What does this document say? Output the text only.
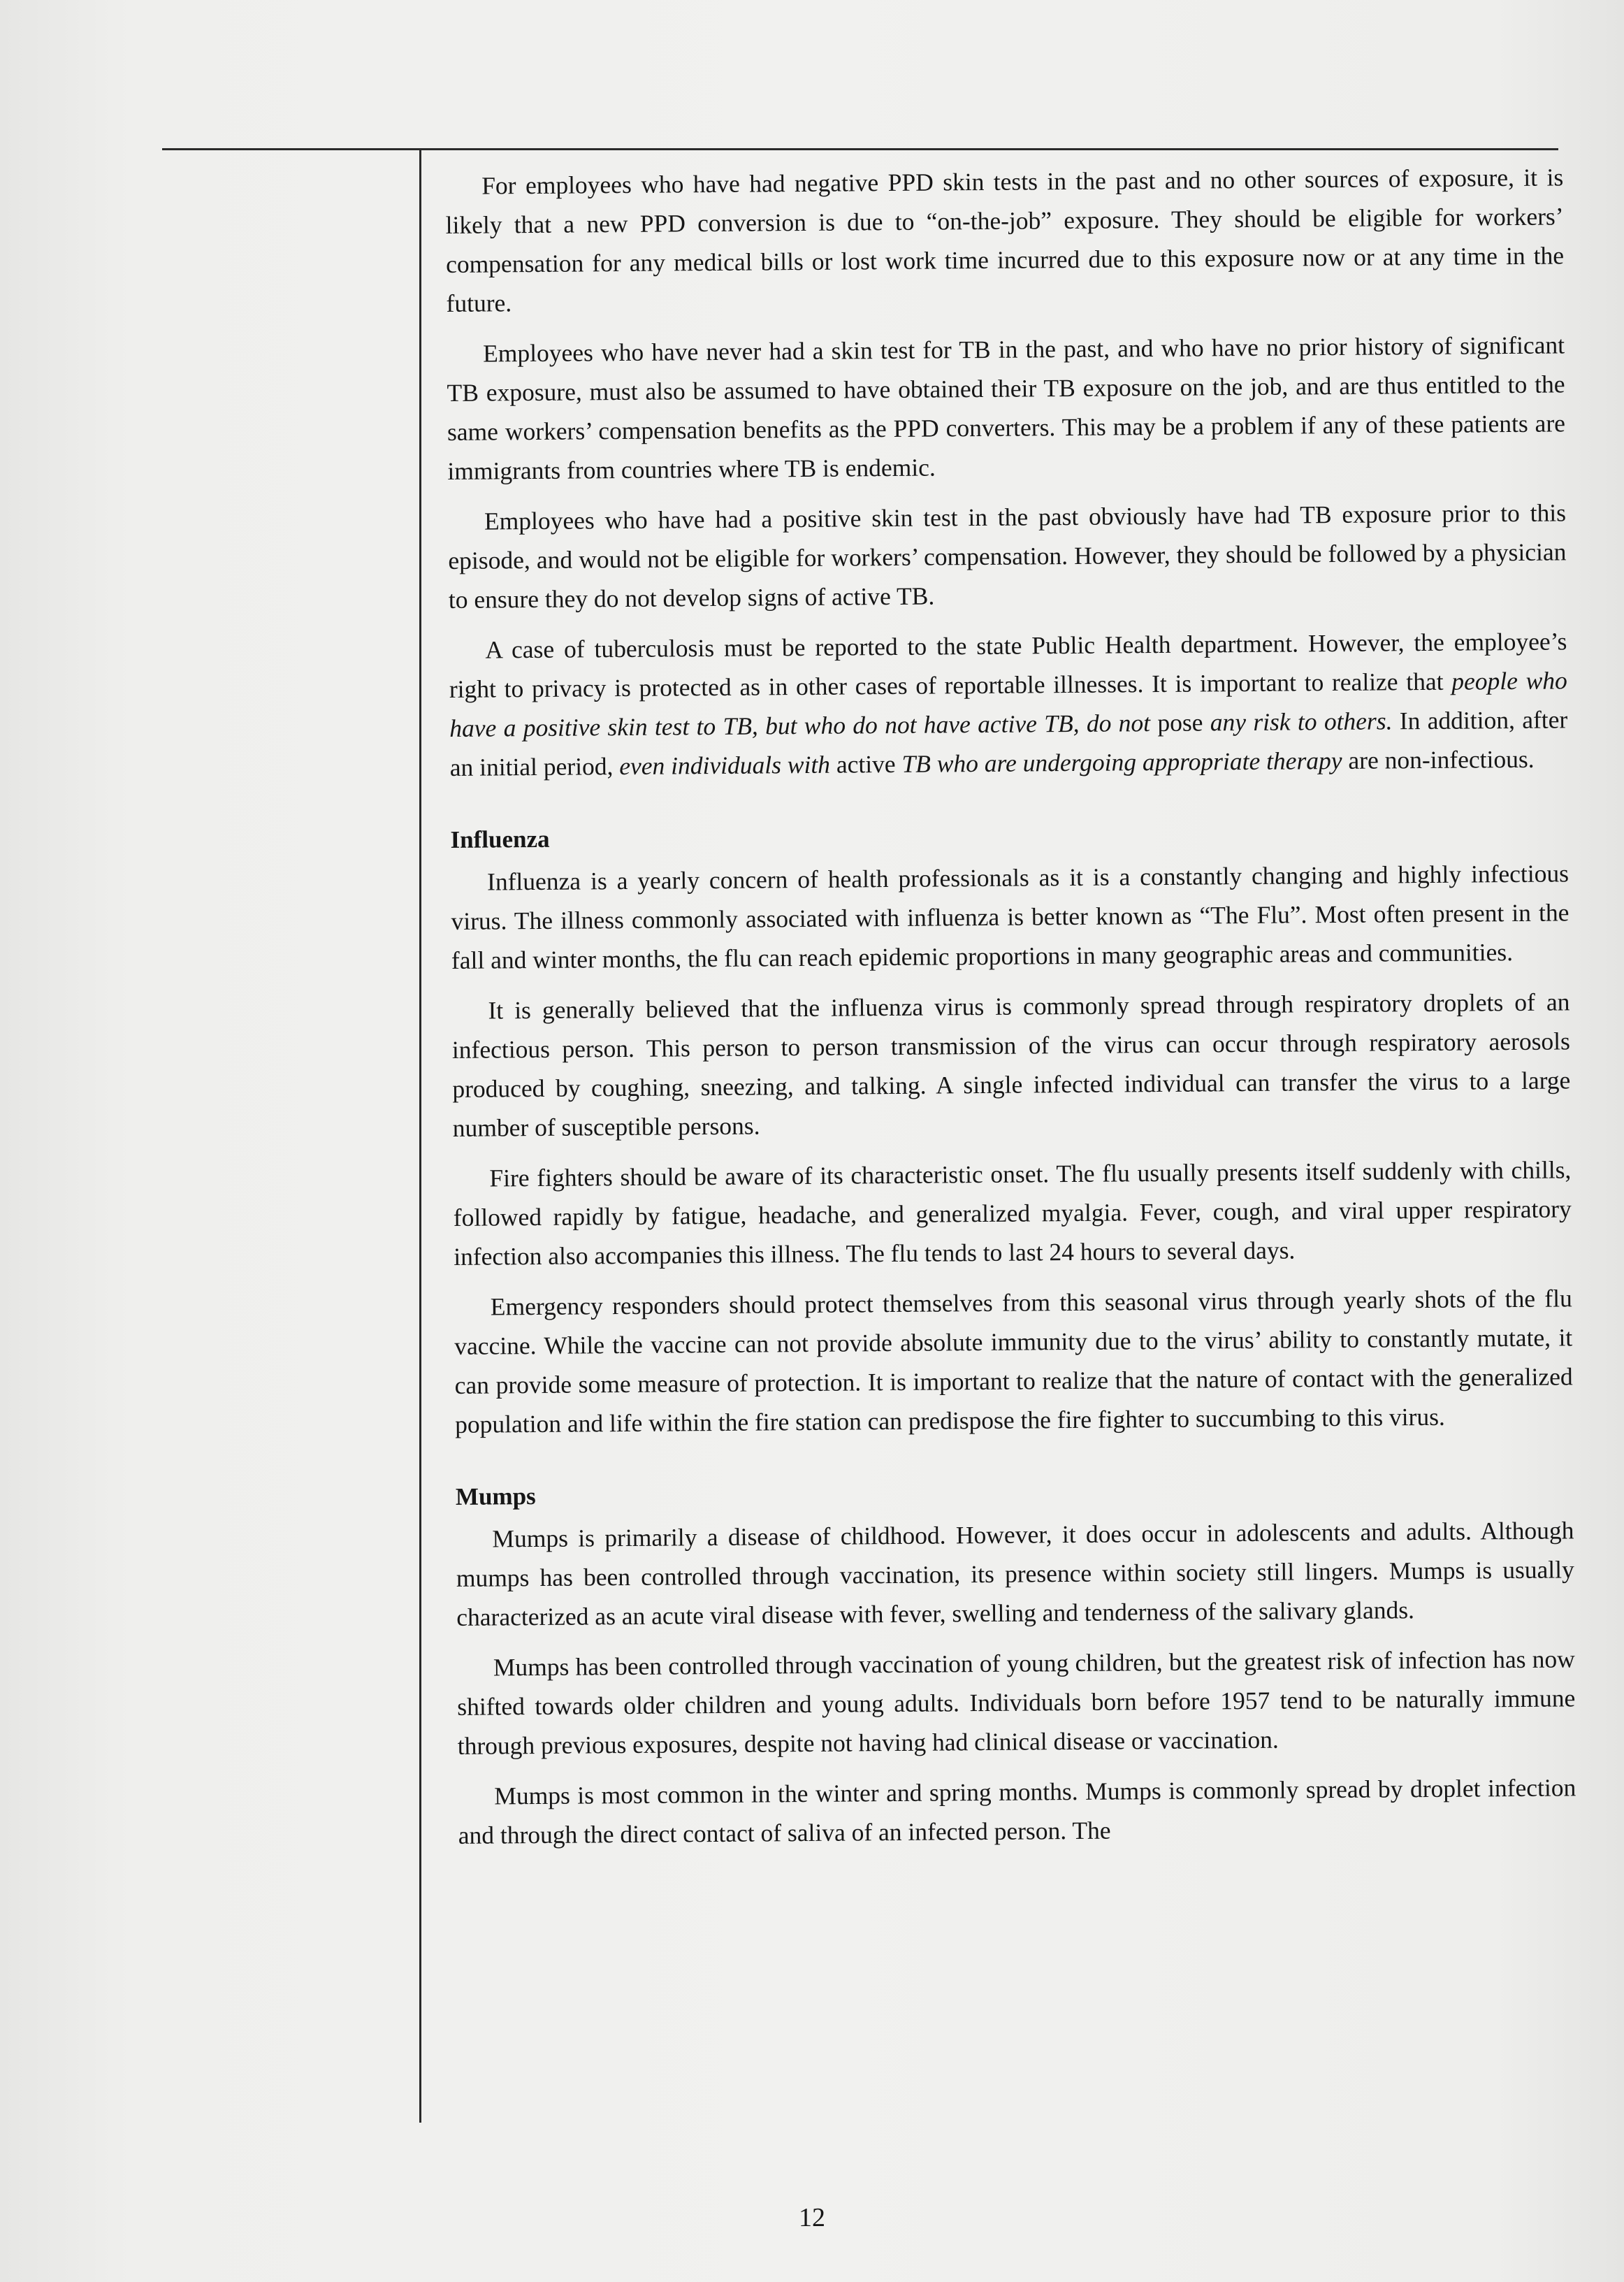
For employees who have had negative PPD skin tests in the past and no other sources of exposure, it is likely that a new PPD conversion is due to “on-the-job” exposure. They should be eligible for workers’ compensation for any medical bills or lost work time incurred due to this exposure now or at any time in the future.

Employees who have never had a skin test for TB in the past, and who have no prior history of significant TB exposure, must also be assumed to have obtained their TB exposure on the job, and are thus entitled to the same workers’ compensation benefits as the PPD converters. This may be a problem if any of these patients are immigrants from countries where TB is endemic.

Employees who have had a positive skin test in the past obviously have had TB exposure prior to this episode, and would not be eligible for workers’ compensation. However, they should be followed by a physician to ensure they do not develop signs of active TB.

A case of tuberculosis must be reported to the state Public Health department. However, the employee’s right to privacy is protected as in other cases of reportable illnesses. It is important to realize that people who have a positive skin test to TB, but who do not have active TB, do not pose any risk to others. In addition, after an initial period, even individuals with active TB who are undergoing appropriate therapy are non-infectious.

Influenza

Influenza is a yearly concern of health professionals as it is a constantly changing and highly infectious virus. The illness commonly associated with influenza is better known as “The Flu”. Most often present in the fall and winter months, the flu can reach epidemic proportions in many geographic areas and communities.

It is generally believed that the influenza virus is commonly spread through respiratory droplets of an infectious person. This person to person transmission of the virus can occur through respiratory aerosols produced by coughing, sneezing, and talking. A single infected individual can transfer the virus to a large number of susceptible persons.

Fire fighters should be aware of its characteristic onset. The flu usually presents itself suddenly with chills, followed rapidly by fatigue, headache, and generalized myalgia. Fever, cough, and viral upper respiratory infection also accompanies this illness. The flu tends to last 24 hours to several days.

Emergency responders should protect themselves from this seasonal virus through yearly shots of the flu vaccine. While the vaccine can not provide absolute immunity due to the virus’ ability to constantly mutate, it can provide some measure of protection. It is important to realize that the nature of contact with the generalized population and life within the fire station can predispose the fire fighter to succumbing to this virus.

Mumps

Mumps is primarily a disease of childhood. However, it does occur in adolescents and adults. Although mumps has been controlled through vaccination, its presence within society still lingers. Mumps is usually characterized as an acute viral disease with fever, swelling and tenderness of the salivary glands.

Mumps has been controlled through vaccination of young children, but the greatest risk of infection has now shifted towards older children and young adults. Individuals born before 1957 tend to be naturally immune through previous exposures, despite not having had clinical disease or vaccination.

Mumps is most common in the winter and spring months. Mumps is commonly spread by droplet infection and through the direct contact of saliva of an infected person. The

12
